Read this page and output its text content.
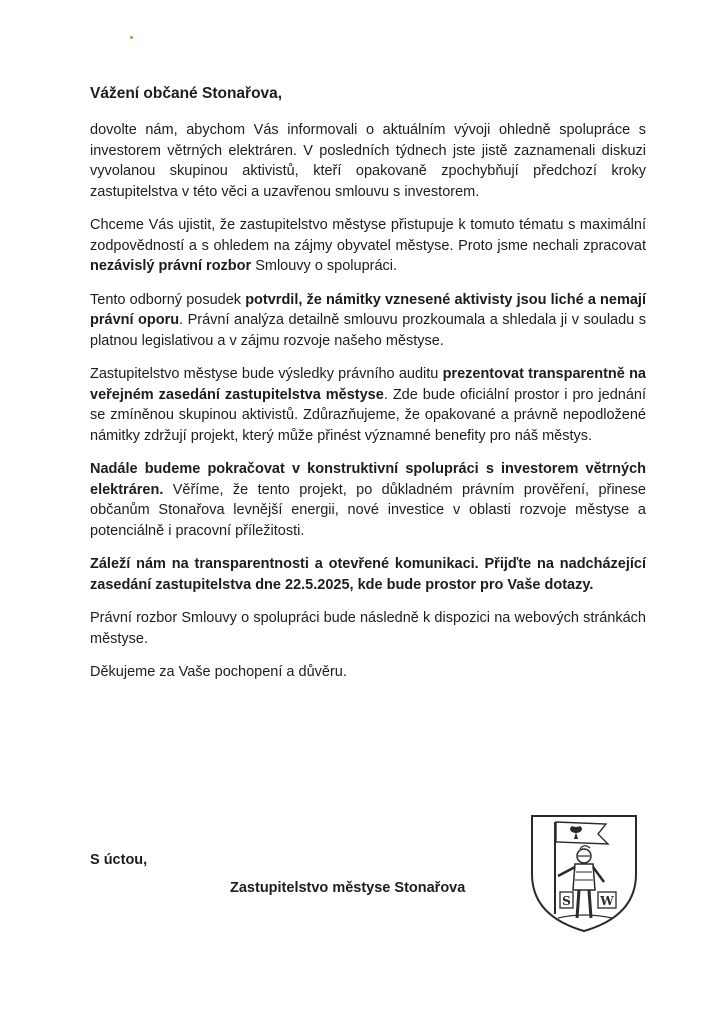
Vážení občané Stonařova,

dovolte nám, abychom Vás informovali o aktuálním vývoji ohledně spolupráce s investorem větrných elektráren. V posledních týdnech jste jistě zaznamenali diskuzi vyvolanou skupinou aktivistů, kteří opakovaně zpochybňují předchozí kroky zastupitelstva v této věci a uzavřenou smlouvu s investorem.

Chceme Vás ujistit, že zastupitelstvo městyse přistupuje k tomuto tématu s maximální zodpovědností a s ohledem na zájmy obyvatel městyse. Proto jsme nechali zpracovat nezávislý právní rozbor Smlouvy o spolupráci.

Tento odborný posudek potvrdil, že námitky vznesené aktivisty jsou liché a nemají právní oporu. Právní analýza detailně smlouvu prozkoumala a shledala ji v souladu s platnou legislativou a v zájmu rozvoje našeho městyse.

Zastupitelstvo městyse bude výsledky právního auditu prezentovat transparentně na veřejném zasedání zastupitelstva městyse. Zde bude oficiální prostor i pro jednání se zmíněnou skupinou aktivistů. Zdůrazňujeme, že opakované a právně nepodložené námitky zdržují projekt, který může přinést významné benefity pro náš městys.

Nadále budeme pokračovat v konstruktivní spolupráci s investorem větrných elektráren. Věříme, že tento projekt, po důkladném právním prověření, přinese občanům Stonařova levnější energii, nové investice v oblasti rozvoje městyse a potenciálně i pracovní příležitosti.

Záleží nám na transparentnosti a otevřené komunikaci. Přijďte na nadcházející zasedání zastupitelstva dne 22.5.2025, kde bude prostor pro Vaše dotazy.

Právní rozbor Smlouvy o spolupráci bude následně k dispozici na webových stránkách městyse.

Děkujeme za Vaše pochopení a důvěru.

S úctou,

Zastupitelstvo městyse Stonařova

S W
